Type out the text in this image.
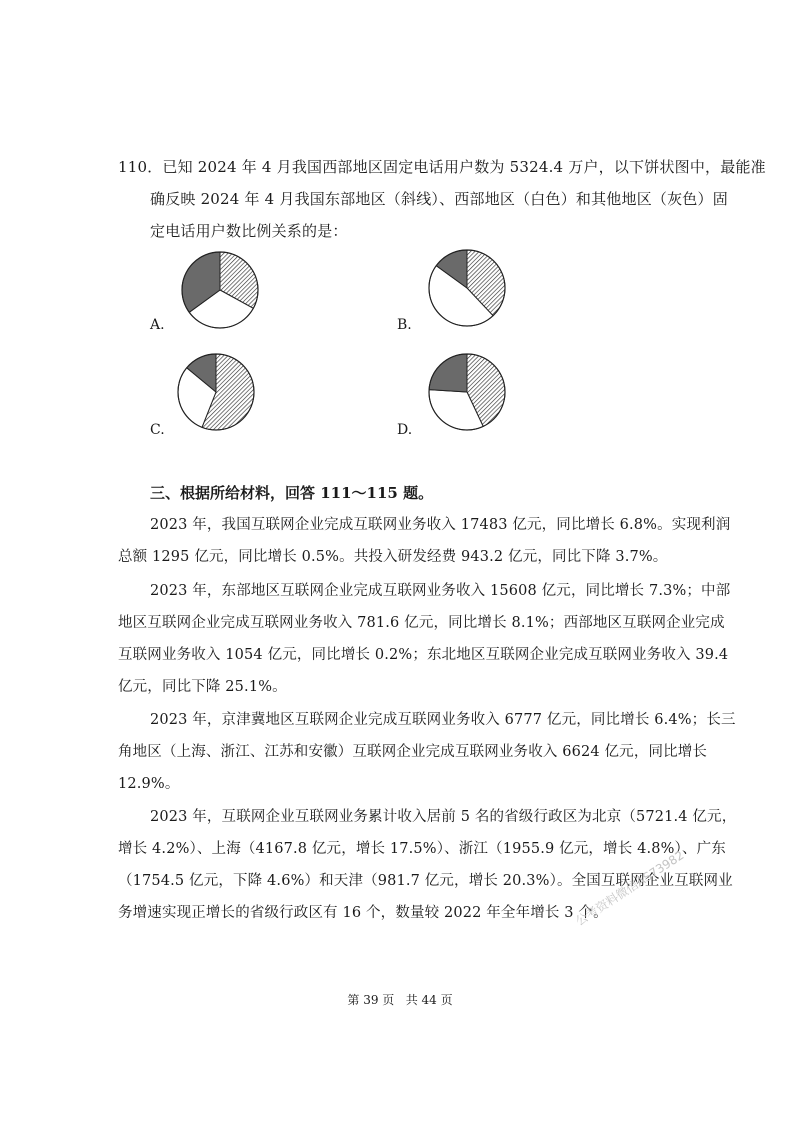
110．已知 2024 年 4 月我国西部地区固定电话用户数为 5324.4 万户，以下饼状图中，最能准
确反映 2024 年 4 月我国东部地区（斜线）、西部地区（白色）和其他地区（灰色）固
定电话用户数比例关系的是：
A.	B.
C.	D.
三、根据所给材料，回答 111～115 题。
2023 年，我国互联网企业完成互联网业务收入 17483 亿元，同比增长 6.8%。实现利润
总额 1295 亿元，同比增长 0.5%。共投入研发经费 943.2 亿元，同比下降 3.7%。
2023 年，东部地区互联网企业完成互联网业务收入 15608 亿元，同比增长 7.3%；中部
地区互联网企业完成互联网业务收入 781.6 亿元，同比增长 8.1%；西部地区互联网企业完成
互联网业务收入 1054 亿元，同比增长 0.2%；东北地区互联网企业完成互联网业务收入 39.4
亿元，同比下降 25.1%。
2023 年，京津冀地区互联网企业完成互联网业务收入 6777 亿元，同比增长 6.4%；长三
角地区（上海、浙江、江苏和安徽）互联网企业完成互联网业务收入 6624 亿元，同比增长
12.9%。
2023 年，互联网企业互联网业务累计收入居前 5 名的省级行政区为北京（5721.4 亿元，
增长 4.2%）、上海（4167.8 亿元，增长 17.5%）、浙江（1955.9 亿元，增长 4.8%）、广东
（1754.5 亿元，下降 4.6%）和天津（981.7 亿元，增长 20.3%）。全国互联网企业互联网业
务增速实现正增长的省级行政区有 16 个，数量较 2022 年全年增长 3 个。
公考资料微信AS73982
第 39 页   共 44 页
